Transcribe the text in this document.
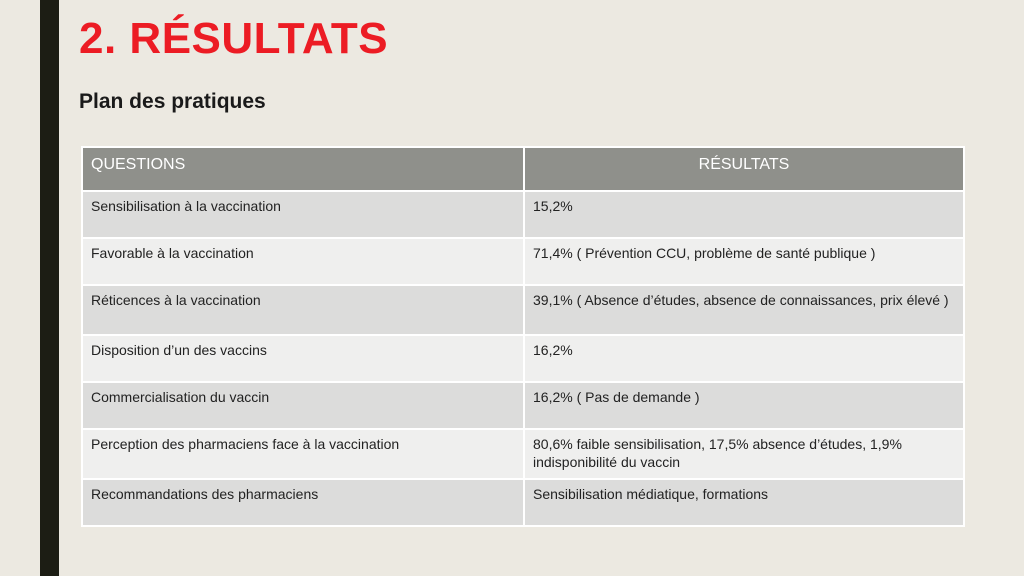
2. RÉSULTATS
Plan des pratiques
QUESTIONS	RÉSULTATS
Sensibilisation à la vaccination	15,2%
Favorable à la vaccination	71,4% ( Prévention CCU, problème de santé publique )
Réticences à la vaccination	39,1% ( Absence d’études, absence de connaissances, prix élevé )
Disposition d’un des vaccins	16,2%
Commercialisation du vaccin	16,2% ( Pas de demande )
Perception des pharmaciens face à la vaccination	80,6% faible sensibilisation, 17,5% absence d’études, 1,9% indisponibilité du vaccin
Recommandations des pharmaciens	Sensibilisation médiatique, formations
